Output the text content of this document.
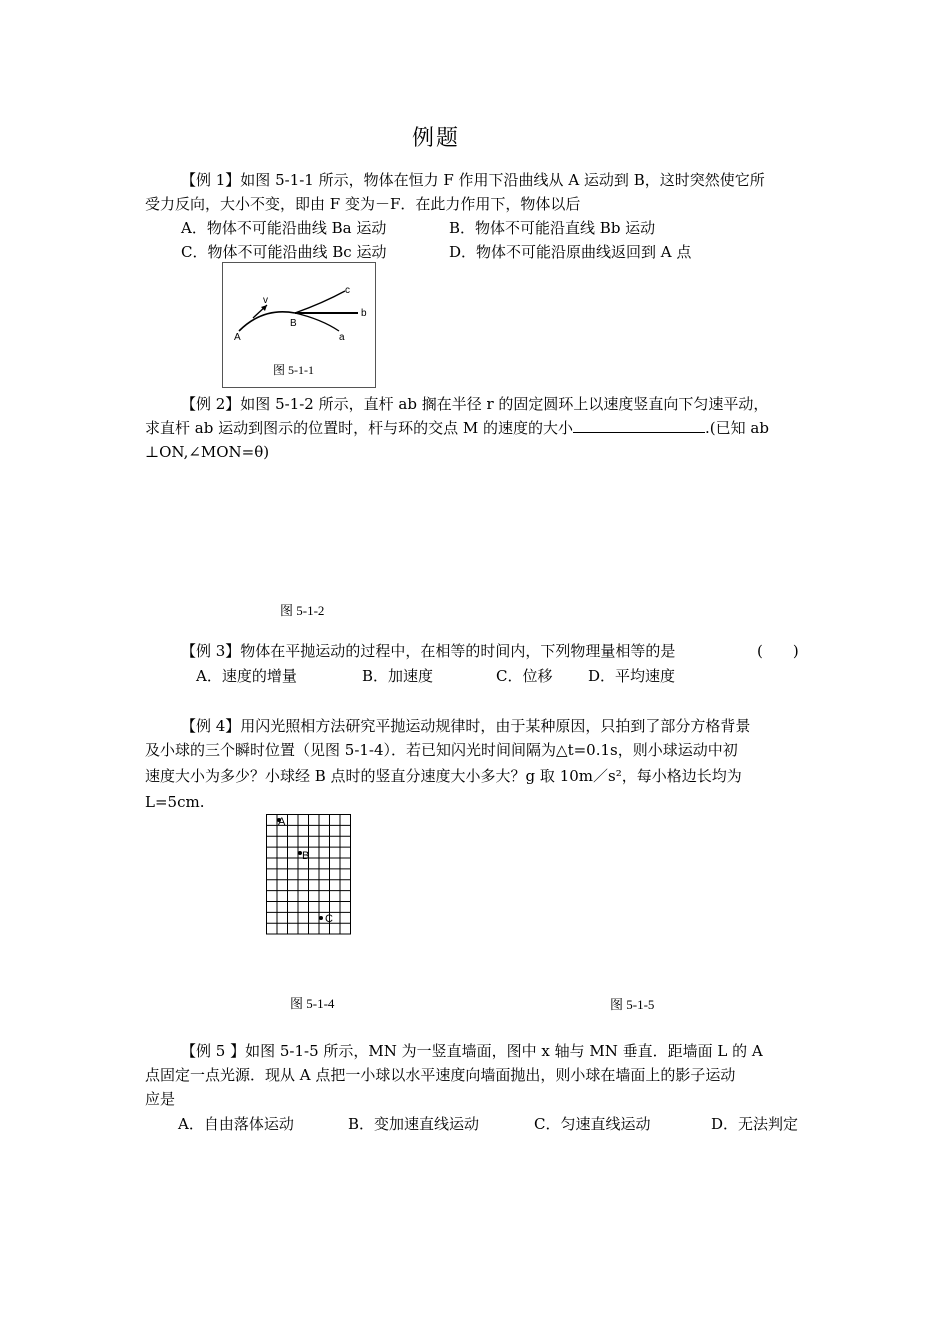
例题
【例 1】如图 5-1-1 所示，物体在恒力 F 作用下沿曲线从 A 运动到 B，这时突然使它所
受力反向，大小不变，即由 F 变为－F．在此力作用下，物体以后
A．物体不可能沿曲线 Ba 运动	B．物体不可能沿直线 Bb 运动
C．物体不可能沿曲线 Bc 运动	D．物体不可能沿原曲线返回到 A 点
A
v
B
b
c
a
图 5-1-1
【例 2】如图 5-1-2 所示，直杆 ab 搁在半径 r 的固定圆环上以速度竖直向下匀速平动，
求直杆 ab 运动到图示的位置时，杆与环的交点 M 的速度的大小	.(已知 ab
⊥ON,∠MON=θ)
图 5-1-2
【例 3】物体在平抛运动的过程中，在相等的时间内，下列物理量相等的是	(　　)
A．速度的增量	B．加速度	C．位移 D．平均速度
【例 4】用闪光照相方法研究平抛运动规律时，由于某种原因，只拍到了部分方格背景
及小球的三个瞬时位置（见图 5-1-4）．若已知闪光时间间隔为△t=0.1s，则小球运动中初
速度大小为多少？小球经 B 点时的竖直分速度大小多大？g 取 10m／s²，每小格边长均为
L=5cm.
A
B
C
图 5-1-4	图 5-1-5
【例 5 】如图 5-1-5 所示，MN 为一竖直墙面，图中 x 轴与 MN 垂直．距墙面 L 的 A
点固定一点光源．现从 A 点把一小球以水平速度向墙面抛出，则小球在墙面上的影子运动
应是
A．自由落体运动	B．变加速直线运动	C．匀速直线运动	D．无法判定
